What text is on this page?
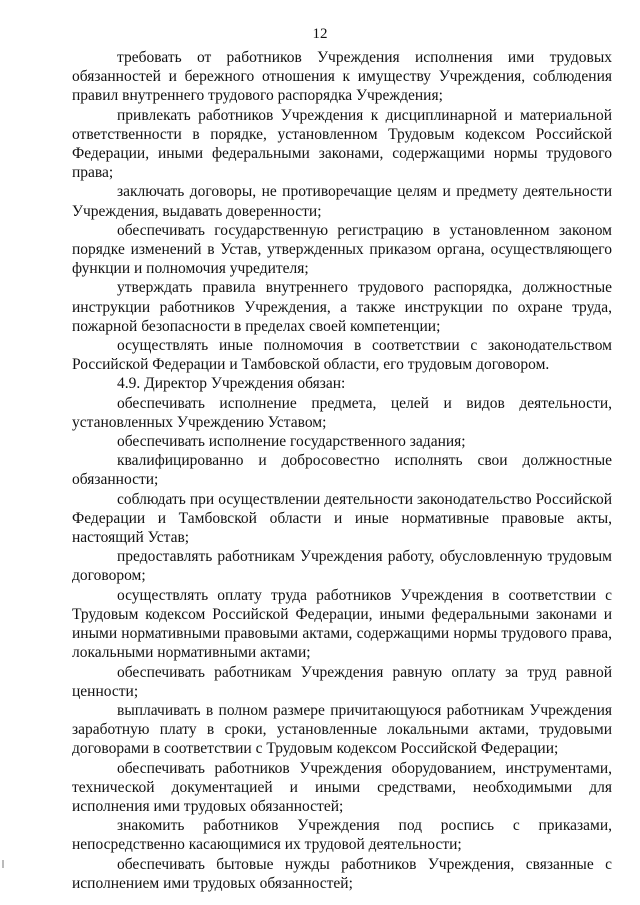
12

требовать от работников Учреждения исполнения ими трудовых обязанностей и бережного отношения к имуществу Учреждения, соблюдения правил внутреннего трудового распорядка Учреждения;

привлекать работников Учреждения к дисциплинарной и материальной ответственности в порядке, установленном Трудовым кодексом Российской Федерации, иными федеральными законами, содержащими нормы трудового права;

заключать договоры, не противоречащие целям и предмету деятельности Учреждения, выдавать доверенности;

обеспечивать государственную регистрацию в установленном законом порядке изменений в Устав, утвержденных приказом органа, осуществляющего функции и полномочия учредителя;

утверждать правила внутреннего трудового распорядка, должностные инструкции работников Учреждения, а также инструкции по охране труда, пожарной безопасности в пределах своей компетенции;

осуществлять иные полномочия в соответствии с законодательством Российской Федерации и Тамбовской области, его трудовым договором.

4.9. Директор Учреждения обязан:

обеспечивать исполнение предмета, целей и видов деятельности, установленных Учреждению Уставом;

обеспечивать исполнение государственного задания;

квалифицированно и добросовестно исполнять свои должностные обязанности;

соблюдать при осуществлении деятельности законодательство Российской Федерации и Тамбовской области и иные нормативные правовые акты, настоящий Устав;

предоставлять работникам Учреждения работу, обусловленную трудовым договором;

осуществлять оплату труда работников Учреждения в соответствии с Трудовым кодексом Российской Федерации, иными федеральными законами и иными нормативными правовыми актами, содержащими нормы трудового права, локальными нормативными актами;

обеспечивать работникам Учреждения равную оплату за труд равной ценности;

выплачивать в полном размере причитающуюся работникам Учреждения заработную плату в сроки, установленные локальными актами, трудовыми договорами в соответствии с Трудовым кодексом Российской Федерации;

обеспечивать работников Учреждения оборудованием, инструментами, технической документацией и иными средствами, необходимыми для исполнения ими трудовых обязанностей;

знакомить работников Учреждения под роспись с приказами, непосредственно касающимися их трудовой деятельности;

обеспечивать бытовые нужды работников Учреждения, связанные с исполнением ими трудовых обязанностей;
